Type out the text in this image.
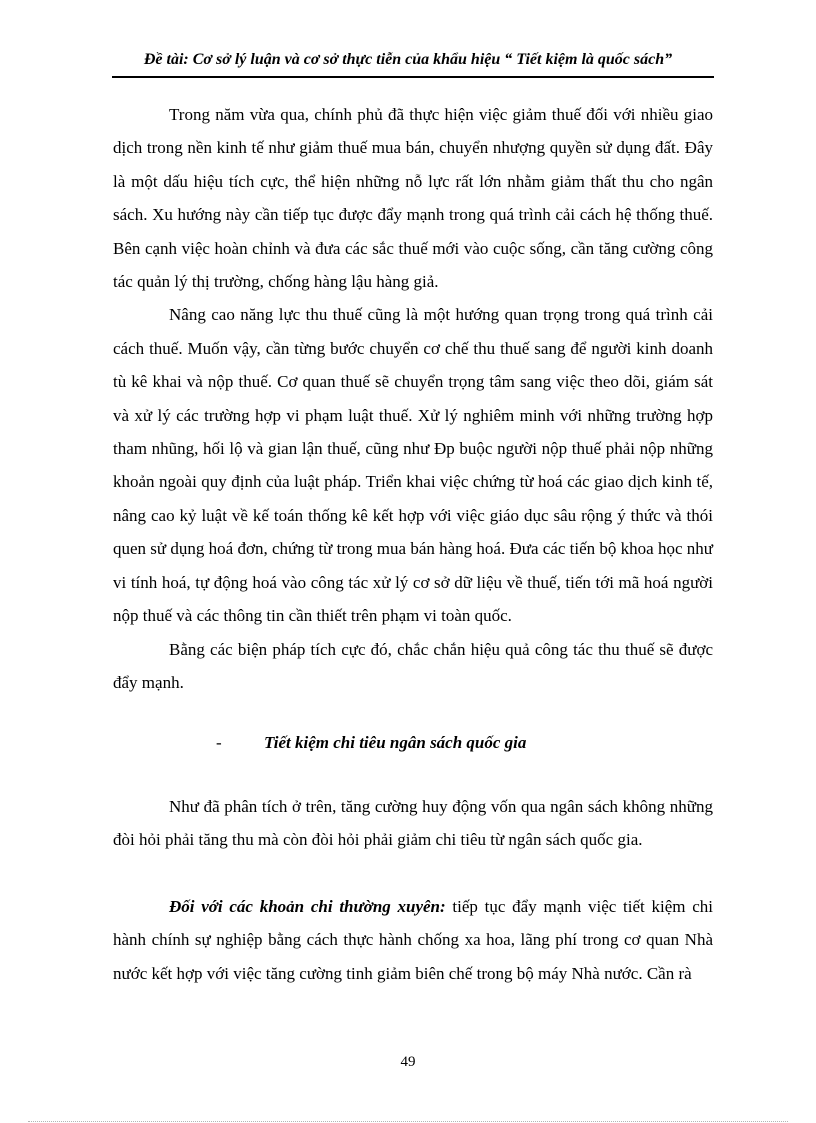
Đề tài: Cơ sở lý luận và cơ sở thực tiễn của khẩu hiệu “ Tiết kiệm là quốc sách”

Trong năm vừa qua, chính phủ đã thực hiện việc giảm thuế đối với nhiều giao dịch trong nền kinh tế như giảm thuế mua bán, chuyển nhượng quyền sử dụng đất. Đây là một dấu hiệu tích cực, thể hiện những nỗ lực rất lớn nhằm giảm thất thu cho ngân sách. Xu hướng này cần tiếp tục được đẩy mạnh trong quá trình cải cách hệ thống thuế. Bên cạnh việc hoàn chỉnh và đưa các sắc thuế mới vào cuộc sống, cần tăng cường công tác quản lý thị trường, chống hàng lậu hàng giả.

Nâng cao năng lực thu thuế cũng là một hướng quan trọng trong quá trình cải cách thuế. Muốn vậy, cần từng bước chuyển cơ chế thu thuế sang để người kinh doanh tù kê khai và nộp thuế. Cơ quan thuế sẽ chuyển trọng tâm sang việc theo dõi, giám sát và xử lý các trường hợp vi phạm luật thuế. Xử lý nghiêm minh với những trường hợp tham nhũng, hối lộ và gian lận thuế, cũng như Đp buộc người nộp thuế phải nộp những khoản ngoài quy định của luật pháp. Triển khai việc chứng từ hoá các giao dịch kinh tế, nâng cao kỷ luật về kế toán thống kê kết hợp với việc giáo dục sâu rộng ý thức và thói quen sử dụng hoá đơn, chứng từ trong mua bán hàng hoá. Đưa các tiến bộ khoa học như vi tính hoá, tự động hoá vào công tác xử lý cơ sở dữ liệu về thuế, tiến tới mã hoá người nộp thuế và các thông tin cần thiết trên phạm vi toàn quốc.

Bằng các biện pháp tích cực đó, chắc chắn hiệu quả công tác thu thuế sẽ được đẩy mạnh.

- Tiết kiệm chi tiêu ngân sách quốc gia

Như đã phân tích ở trên, tăng cường huy động vốn qua ngân sách không những đòi hỏi phải tăng thu mà còn đòi hỏi phải giảm chi tiêu từ ngân sách quốc gia.

Đối với các khoản chi thường xuyên: tiếp tục đẩy mạnh việc tiết kiệm chi hành chính sự nghiệp bằng cách thực hành chống xa hoa, lãng phí trong cơ quan Nhà nước kết hợp với việc tăng cường tinh giảm biên chế trong bộ máy Nhà nước. Cần rà

49
